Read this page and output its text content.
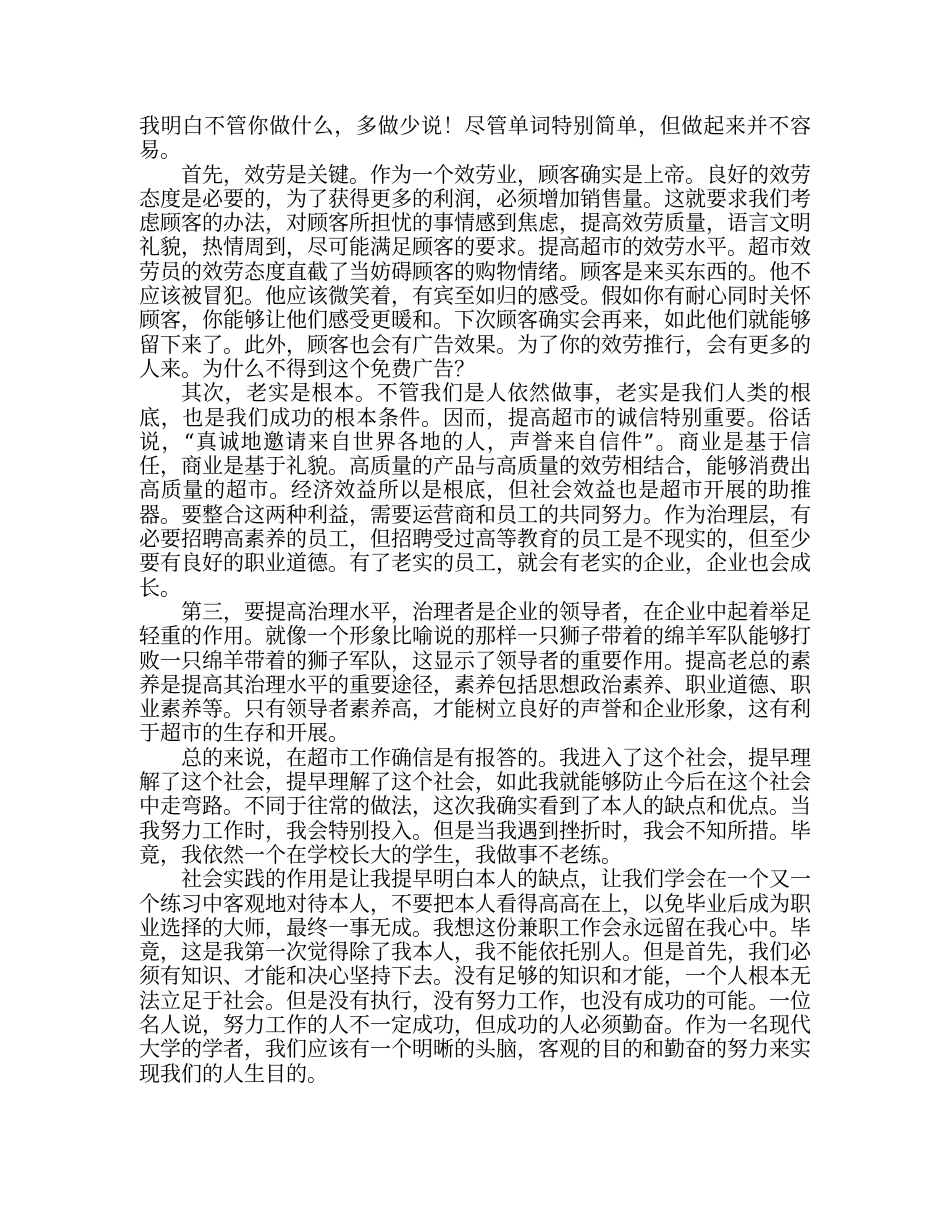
我明白不管你做什么，多做少说！尽管单词特别简单，但做起来并不容易。

首先，效劳是关键。作为一个效劳业，顾客确实是上帝。良好的效劳态度是必要的，为了获得更多的利润，必须增加销售量。这就要求我们考虑顾客的办法，对顾客所担忧的事情感到焦虑，提高效劳质量，语言文明礼貌，热情周到，尽可能满足顾客的要求。提高超市的效劳水平。超市效劳员的效劳态度直截了当妨碍顾客的购物情绪。顾客是来买东西的。他不应该被冒犯。他应该微笑着，有宾至如归的感受。假如你有耐心同时关怀顾客，你能够让他们感受更暖和。下次顾客确实会再来，如此他们就能够留下来了。此外，顾客也会有广告效果。为了你的效劳推行，会有更多的人来。为什么不得到这个免费广告？

其次，老实是根本。不管我们是人依然做事，老实是我们人类的根底，也是我们成功的根本条件。因而，提高超市的诚信特别重要。俗话说，“真诚地邀请来自世界各地的人，声誉来自信件”。商业是基于信任，商业是基于礼貌。高质量的产品与高质量的效劳相结合，能够消费出高质量的超市。经济效益所以是根底，但社会效益也是超市开展的助推器。要整合这两种利益，需要运营商和员工的共同努力。作为治理层，有必要招聘高素养的员工，但招聘受过高等教育的员工是不现实的，但至少要有良好的职业道德。有了老实的员工，就会有老实的企业，企业也会成长。

第三，要提高治理水平，治理者是企业的领导者，在企业中起着举足轻重的作用。就像一个形象比喻说的那样一只狮子带着的绵羊军队能够打败一只绵羊带着的狮子军队，这显示了领导者的重要作用。提高老总的素养是提高其治理水平的重要途径，素养包括思想政治素养、职业道德、职业素养等。只有领导者素养高，才能树立良好的声誉和企业形象，这有利于超市的生存和开展。

总的来说，在超市工作确信是有报答的。我进入了这个社会，提早理解了这个社会，提早理解了这个社会，如此我就能够防止今后在这个社会中走弯路。不同于往常的做法，这次我确实看到了本人的缺点和优点。当我努力工作时，我会特别投入。但是当我遇到挫折时，我会不知所措。毕竟，我依然一个在学校长大的学生，我做事不老练。

社会实践的作用是让我提早明白本人的缺点，让我们学会在一个又一个练习中客观地对待本人，不要把本人看得高高在上，以免毕业后成为职业选择的大师，最终一事无成。我想这份兼职工作会永远留在我心中。毕竟，这是我第一次觉得除了我本人，我不能依托别人。但是首先，我们必须有知识、才能和决心坚持下去。没有足够的知识和才能，一个人根本无法立足于社会。但是没有执行，没有努力工作，也没有成功的可能。一位名人说，努力工作的人不一定成功，但成功的人必须勤奋。作为一名现代大学的学者，我们应该有一个明晰的头脑，客观的目的和勤奋的努力来实现我们的人生目的。
